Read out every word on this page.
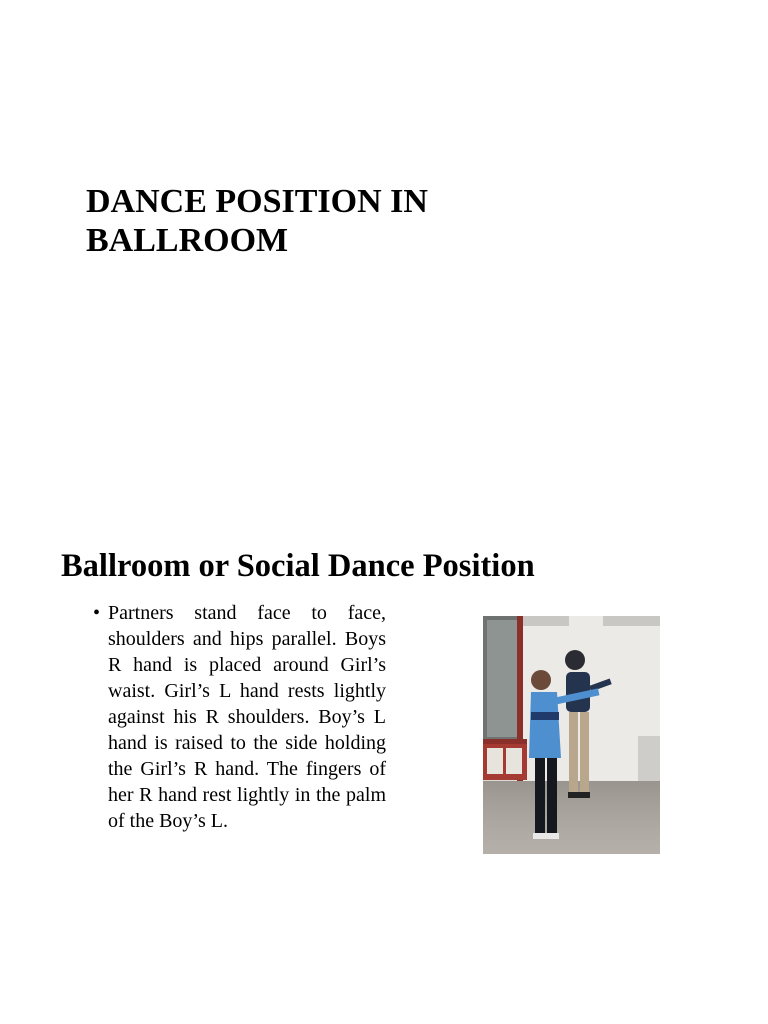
DANCE POSITION IN BALLROOM
Ballroom or Social Dance Position
• Partners stand face to face, shoulders and hips parallel. Boys R hand is placed around Girl’s waist. Girl’s L hand rests lightly against his R shoulders. Boy’s L hand is raised to the side holding the Girl’s R hand. The fingers of her R hand rest lightly in the palm of the Boy’s L.
